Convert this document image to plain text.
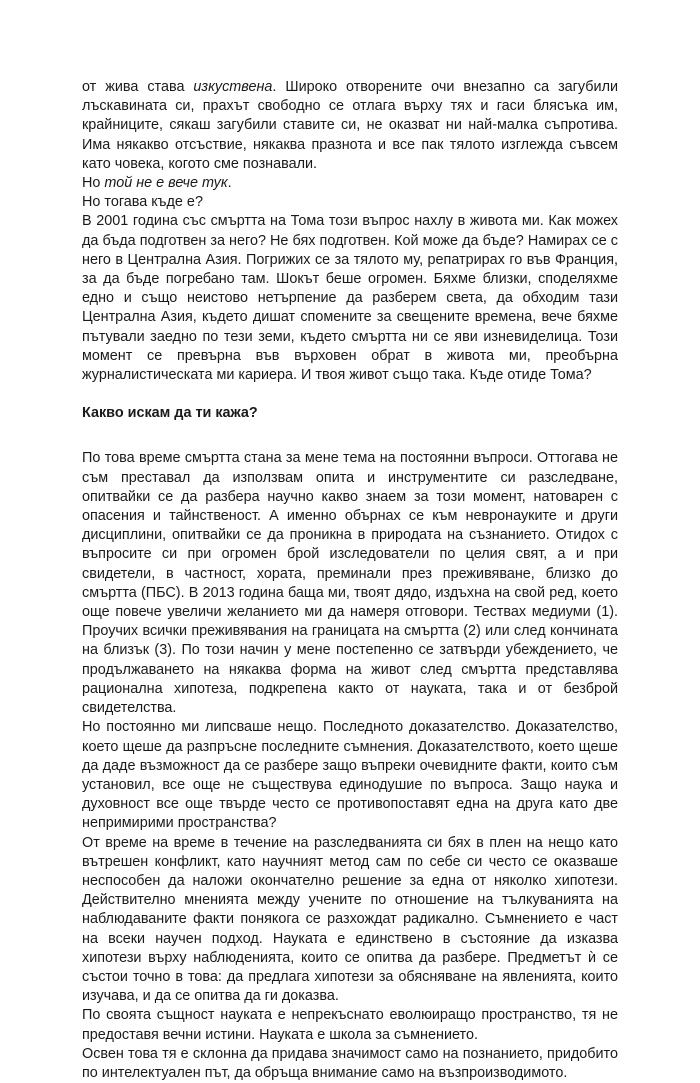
от жива става изкуствена. Широко отворените очи внезапно са загубили лъскавината си, прахът свободно се отлага върху тях и гаси блясъка им, крайниците, сякаш загубили ставите си, не оказват ни най-малка съпротива. Има някакво отсъствие, някаква празнота и все пак тялото изглежда съвсем като човека, когото сме познавали.

Но той не е вече тук.

Но тогава къде е?

В 2001 година със смъртта на Тома този въпрос нахлу в живота ми. Как можех да бъда подготвен за него? Не бях подготвен. Кой може да бъде? Намирах се с него в Централна Азия. Погрижих се за тялото му, репатрирах го във Франция, за да бъде погребано там. Шокът беше огромен. Бяхме близки, споделяхме едно и също неистово нетърпение да разберем света, да обходим тази Централна Азия, където дишат спомените за свещените времена, вече бяхме пътували заедно по тези земи, където смъртта ни се яви изневиделица. Този момент се превърна във върховен обрат в живота ми, преобърна журналистическата ми кариера. И твоя живот също така. Къде отиде Тома?

Какво искам да ти кажа?

По това време смъртта стана за мене тема на постоянни въпроси. Оттогава не съм преставал да използвам опита и инструментите си разследване, опитвайки се да разбера научно какво знаем за този момент, натоварен с опасения и тайнственост. А именно обърнах се към невронауките и други дисциплини, опитвайки се да проникна в природата на съзнанието. Отидох с въпросите си при огромен брой изследователи по целия свят, а и при свидетели, в частност, хората, преминали през преживяване, близко до смъртта (ПБС). В 2013 година баща ми, твоят дядо, издъхна на свой ред, което още повече увеличи желанието ми да намеря отговори. Тествах медиуми (1). Проучих всички преживявания на границата на смъртта (2) или след кончината на близък (3). По този начин у мене постепенно се затвърди убеждението, че продължаването на някаква форма на живот след смъртта представлява рационална хипотеза, подкрепена както от науката, така и от безброй свидетелства.

Но постоянно ми липсваше нещо. Последното доказателство. Доказателство, което щеше да разпръсне последните съмнения. Доказателството, което щеше да даде възможност да се разбере защо въпреки очевидните факти, които съм установил, все още не съществува единодушие по въпроса. Защо наука и духовност все още твърде често се противопоставят една на друга като две непримирими пространства?

От време на време в течение на разследванията си бях в плен на нещо като вътрешен конфликт, като научният метод сам по себе си често се оказваше неспособен да наложи окончателно решение за една от няколко хипотези. Действително мненията между учените по отношение на тълкуванията на наблюдаваните факти понякога се разхождат радикално. Съмнението е част на всеки научен подход. Науката е единствено в състояние да изказва хипотези върху наблюденията, които се опитва да разбере. Предметът ѝ се състои точно в това: да предлага хипотези за обясняване на явленията, които изучава, и да се опитва да ги доказва.

По своята същност науката е непрекъснато еволюиращо пространство, тя не предоставя вечни истини. Науката е школа за съмнението.

Освен това тя е склонна да придава значимост само на познанието, придобито по интелектуален път, да обръща внимание само на възпроизводимото.
